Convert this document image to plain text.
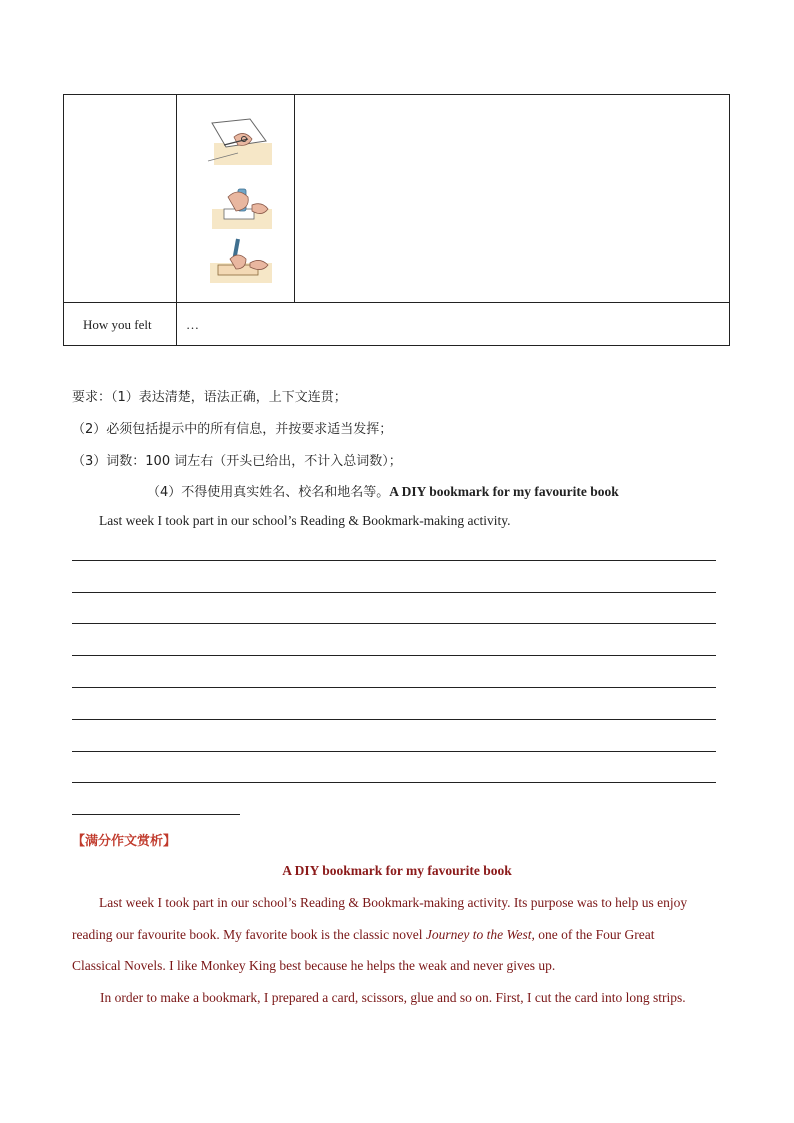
How you felt	…
要求：（1）表达清楚，语法正确，上下文连贯；
（2）必须包括提示中的所有信息，并按要求适当发挥；
（3）词数：100 词左右（开头已给出，不计入总词数）；
（4）不得使用真实姓名、校名和地名等。A DIY bookmark for my favourite book
Last week I took part in our school’s Reading & Bookmark-making activity.
【满分作文赏析】
A DIY bookmark for my favourite book
Last week I took part in our school’s Reading & Bookmark-making activity. Its purpose was to help us enjoy
reading our favourite book. My favorite book is the classic novel Journey to the West, one of the Four Great
Classical Novels. I like Monkey King best because he helps the weak and never gives up.
In order to make a bookmark, I prepared a card, scissors, glue and so on. First, I cut the card into long strips.
